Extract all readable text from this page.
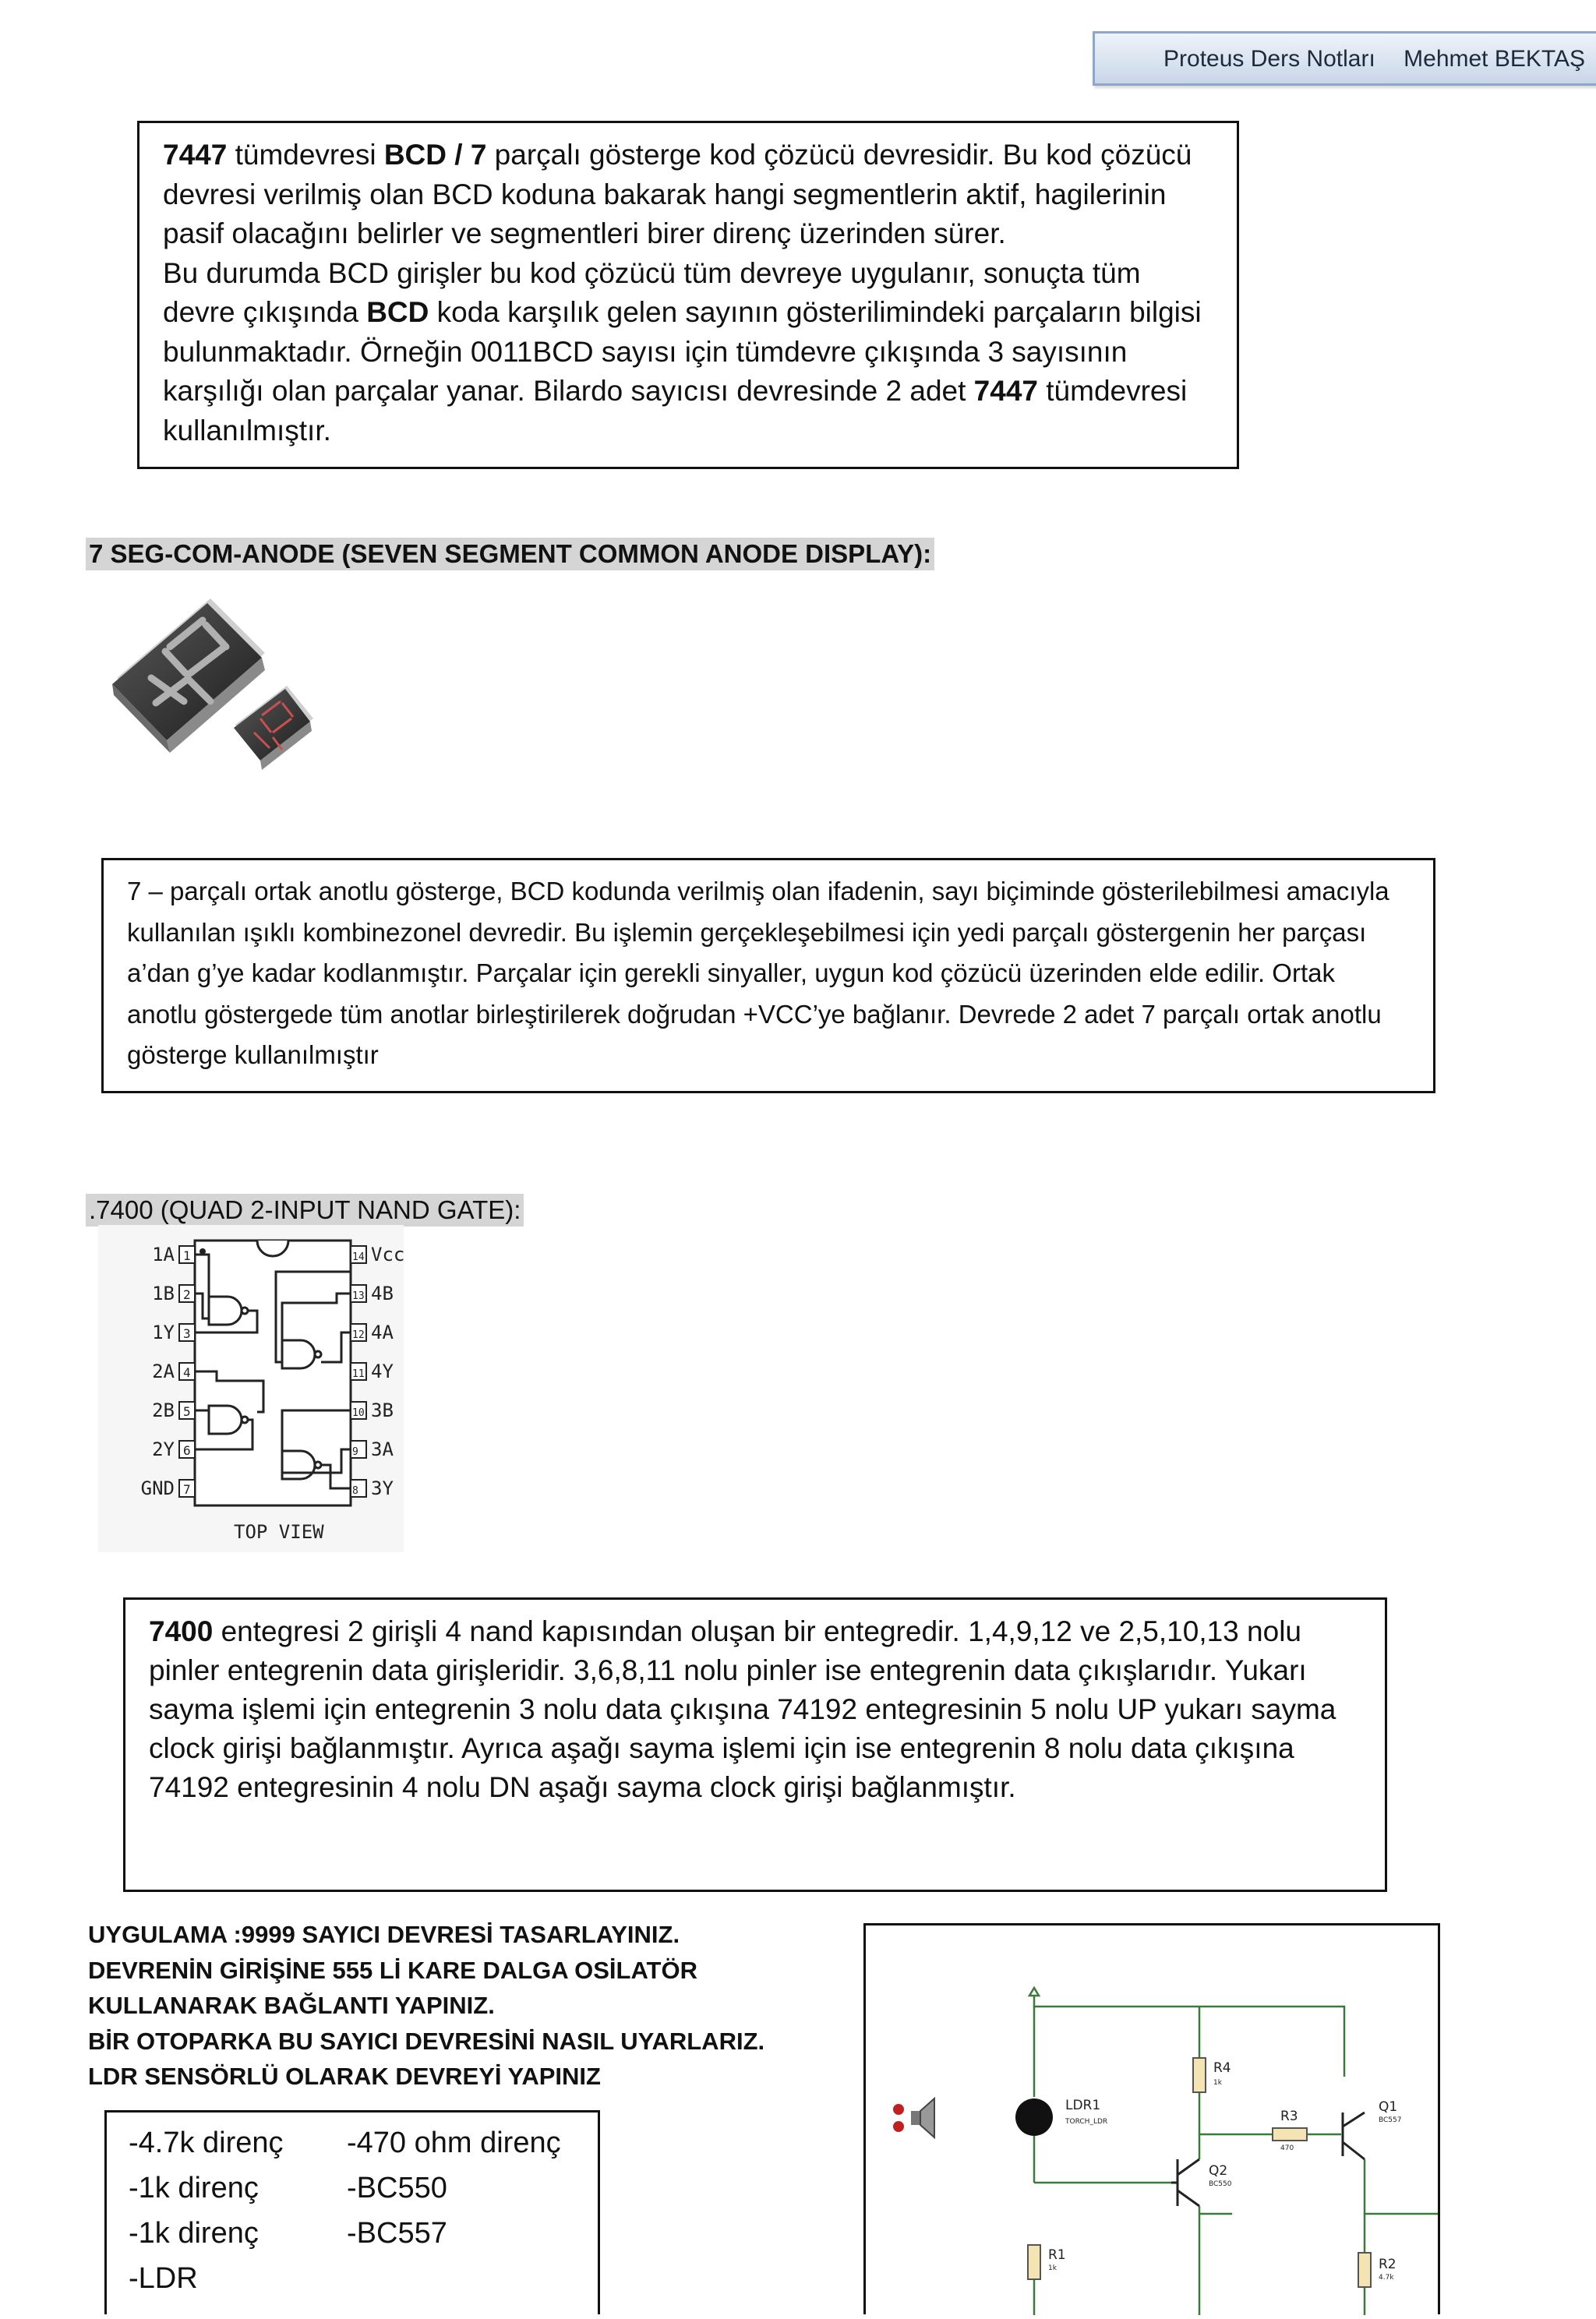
Proteus Ders Notları Mehmet BEKTAŞ
7447 tümdevresi BCD / 7 parçalı gösterge kod çözücü devresidir. Bu kod çözücü devresi verilmiş olan BCD koduna bakarak hangi segmentlerin aktif, hagilerinin pasif olacağını belirler ve segmentleri birer direnç üzerinden sürer.
Bu durumda BCD girişler bu kod çözücü tüm devreye uygulanır, sonuçta tüm devre çıkışında BCD koda karşılık gelen sayının gösterilimindeki parçaların bilgisi bulunmaktadır. Örneğin 0011BCD sayısı için tümdevre çıkışında 3 sayısının karşılığı olan parçalar yanar. Bilardo sayıcısı devresinde 2 adet 7447 tümdevresi kullanılmıştır.
7 SEG-COM-ANODE (SEVEN SEGMENT COMMON ANODE DISPLAY):
7 – parçalı ortak anotlu gösterge, BCD kodunda verilmiş olan ifadenin, sayı biçiminde gösterilebilmesi amacıyla kullanılan ışıklı kombinezonel devredir. Bu işlemin gerçekleşebilmesi için yedi parçalı göstergenin her parçası a’dan g’ye kadar kodlanmıştır. Parçalar için gerekli sinyaller, uygun kod çözücü üzerinden elde edilir. Ortak anotlu göstergede tüm anotlar birleştirilerek doğrudan +VCC’ye bağlanır. Devrede 2 adet 7 parçalı ortak anotlu gösterge kullanılmıştır
.7400 (QUAD 2-INPUT NAND GATE):
1
1A
2
1B
3
1Y
4
2A
5
2B
6
2Y
7
GND
14 Vcc
13 4B
12 4A
11 4Y
10 3B
9 3A
8 3Y
TOP VIEW
7400 entegresi 2 girişli 4 nand kapısından oluşan bir entegredir. 1,4,9,12 ve 2,5,10,13 nolu pinler entegrenin data girişleridir. 3,6,8,11 nolu pinler ise entegrenin data çıkışlarıdır. Yukarı sayma işlemi için entegrenin 3 nolu data çıkışına 74192 entegresinin 5 nolu UP yukarı sayma clock girişi bağlanmıştır. Ayrıca aşağı sayma işlemi için ise entegrenin 8 nolu data çıkışına 74192 entegresinin 4 nolu DN aşağı sayma clock girişi bağlanmıştır.
UYGULAMA :9999 SAYICI DEVRESİ TASARLAYINIZ.
DEVRENİN GİRİŞİNE 555 Lİ KARE DALGA OSİLATÖR
KULLANARAK BAĞLANTI YAPINIZ.
BİR OTOPARKA BU SAYICI DEVRESİNİ NASIL UYARLARIZ.
LDR SENSÖRLÜ OLARAK DEVREYİ YAPINIZ
-4.7k direnç	-470 ohm direnç
-1k direnç	-BC550
-1k direnç	-BC557
-LDR
LDR1
TORCH_LDR
R4
1k
R3
470
Q1
BC557
Q2
BC550
R1
1k	R2
4.7k
